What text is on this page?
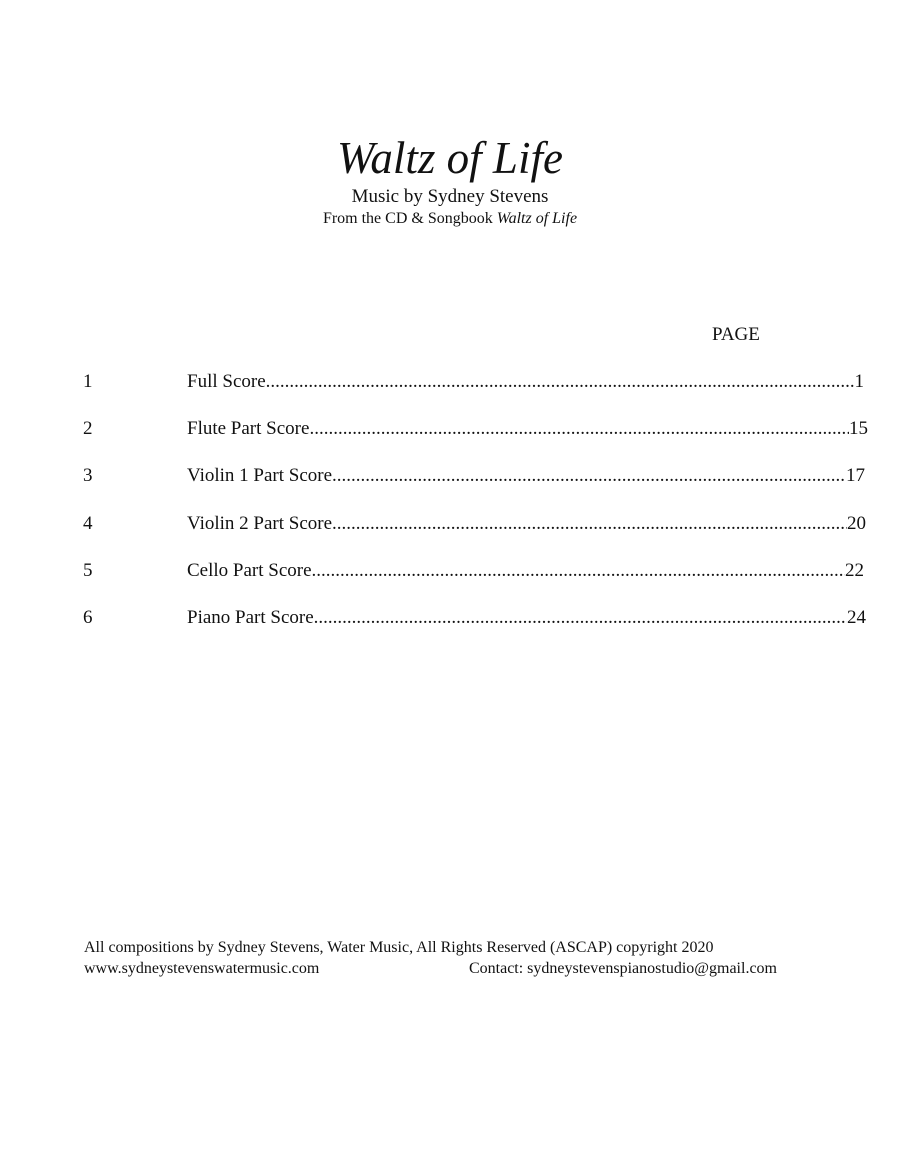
Waltz of Life
Music by Sydney Stevens
From the CD & Songbook Waltz of Life
PAGE
1	Full Score .....	1
2	Flute Part Score .....	15
3	Violin 1 Part Score .....	17
4	Violin 2 Part Score .....	20
5	Cello Part Score .....	22
6	Piano Part Score .....	24
All compositions by Sydney Stevens, Water Music, All Rights Reserved (ASCAP) copyright 2020
www.sydneystevenswatermusic.com	Contact: sydneystevenspianostudio@gmail.com
